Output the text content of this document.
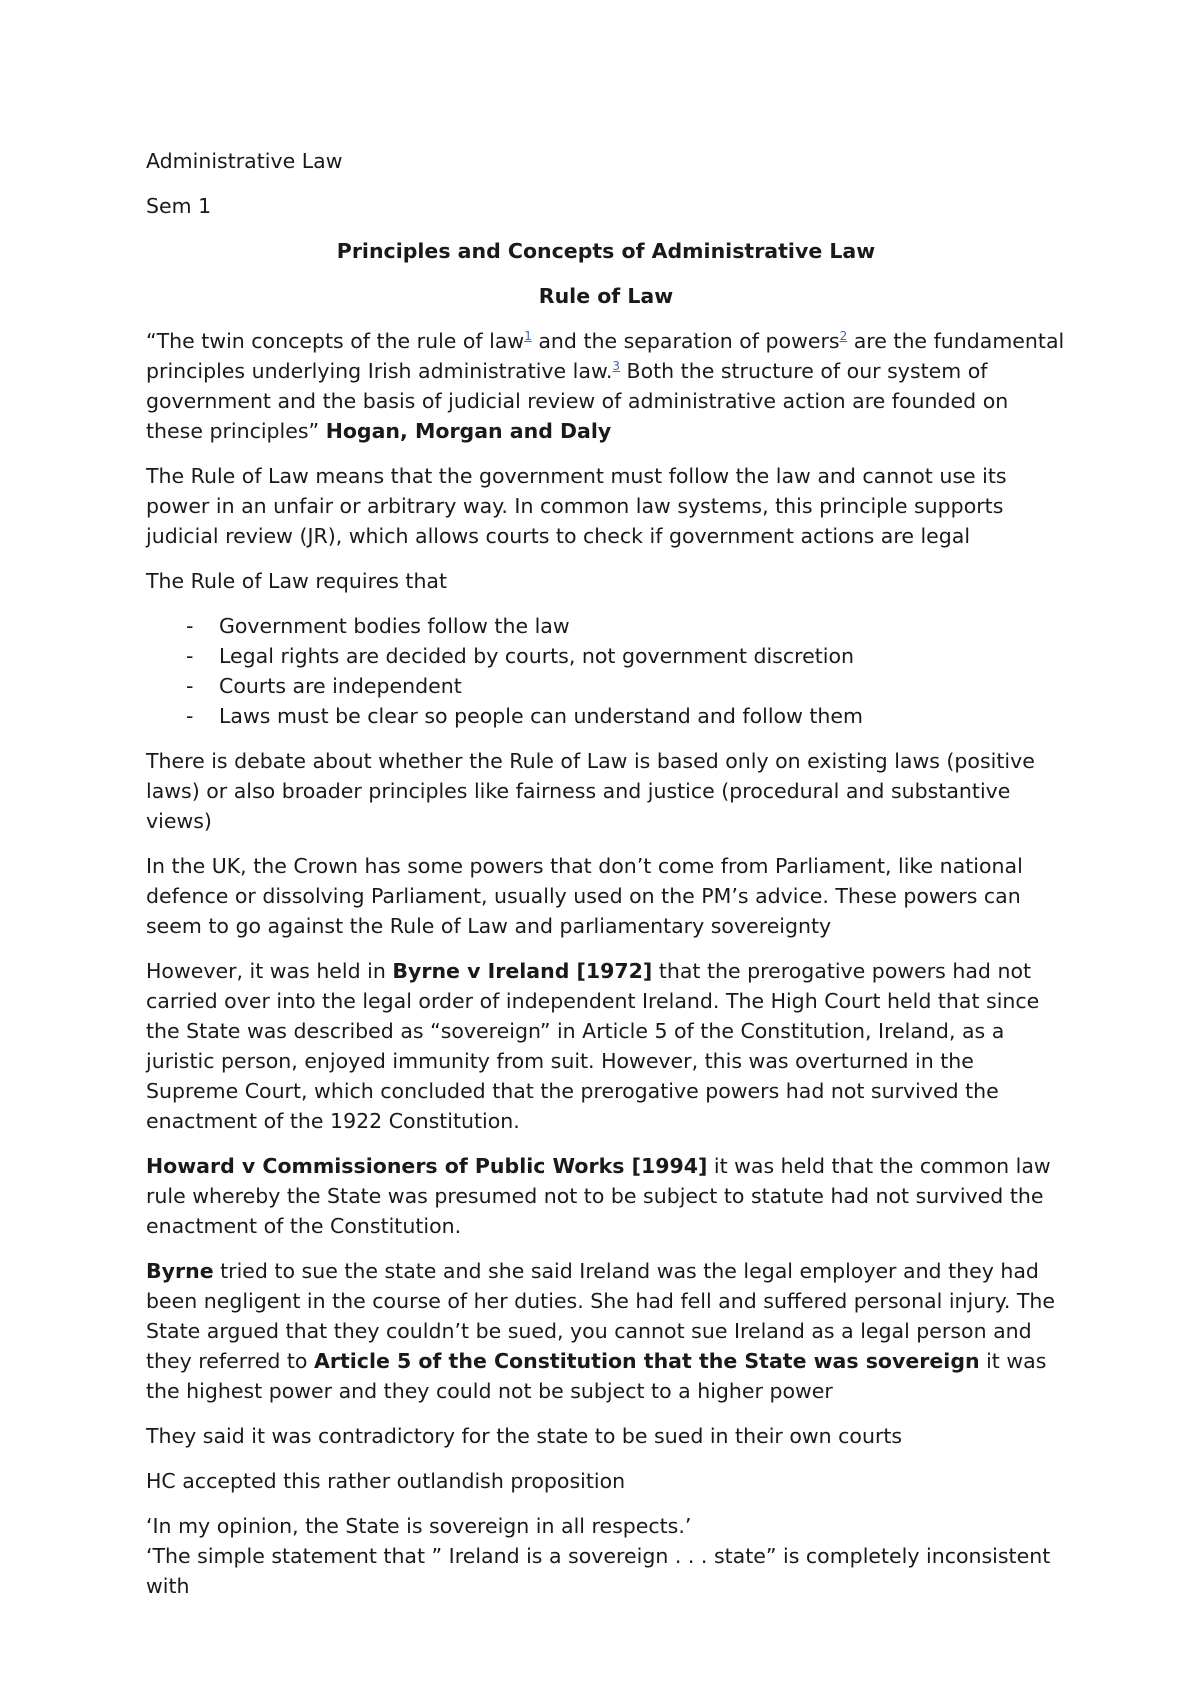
Administrative Law

Sem 1

Principles and Concepts of Administrative Law

Rule of Law

“The twin concepts of the rule of law$^1$ and the separation of powers$^2$ are the fundamental principles underlying Irish administrative law.$^3$ Both the structure of our system of government and the basis of judicial review of administrative action are founded on these principles” Hogan, Morgan and Daly

The Rule of Law means that the government must follow the law and cannot use its power in an unfair or arbitrary way. In common law systems, this principle supports judicial review (JR), which allows courts to check if government actions are legal

The Rule of Law requires that

- Government bodies follow the law
- Legal rights are decided by courts, not government discretion
- Courts are independent
- Laws must be clear so people can understand and follow them

There is debate about whether the Rule of Law is based only on existing laws (positive laws) or also broader principles like fairness and justice (procedural and substantive views)

In the UK, the Crown has some powers that don’t come from Parliament, like national defence or dissolving Parliament, usually used on the PM’s advice. These powers can seem to go against the Rule of Law and parliamentary sovereignty

However, it was held in Byrne v Ireland [1972] that the prerogative powers had not carried over into the legal order of independent Ireland. The High Court held that since the State was described as “sovereign” in Article 5 of the Constitution, Ireland, as a juristic person, enjoyed immunity from suit. However, this was overturned in the Supreme Court, which concluded that the prerogative powers had not survived the enactment of the 1922 Constitution.

Howard v Commissioners of Public Works [1994] it was held that the common law rule whereby the State was presumed not to be subject to statute had not survived the enactment of the Constitution.

Byrne tried to sue the state and she said Ireland was the legal employer and they had been negligent in the course of her duties. She had fell and suffered personal injury. The State argued that they couldn’t be sued, you cannot sue Ireland as a legal person and they referred to Article 5 of the Constitution that the State was sovereign it was the highest power and they could not be subject to a higher power

They said it was contradictory for the state to be sued in their own courts

HC accepted this rather outlandish proposition

‘In my opinion, the State is sovereign in all respects.’

‘The simple statement that ” Ireland is a sovereign . . . state” is completely inconsistent with
